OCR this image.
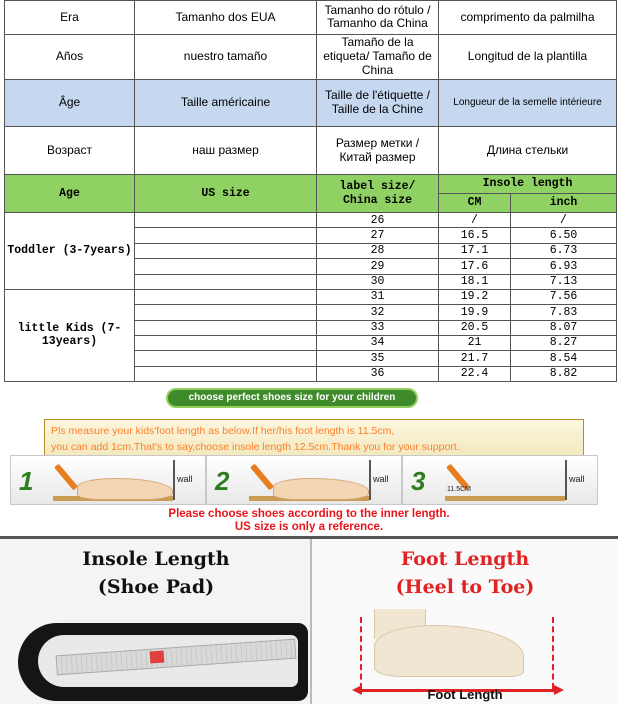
Era	Tamanho dos EUA	Tamanho do rótulo / Tamanho da China	comprimento da palmilha	
Años	nuestro tamaño	Tamaño de la etiqueta/ Tamaño de China	Longitud de la plantilla	
Âge	Taille américaine	Taille de l'étiquette / Taille de la Chine	Longueur de la semelle intérieure	
Возраст	наш размер	Размер метки / Китай размер	Длина стельки	
Age	US size	label size/ China size	Insole length	
			CM	inch
Toddler (3-7years)		26	/	/
		27	16.5	6.50
		28	17.1	6.73
		29	17.6	6.93
		30	18.1	7.13
little Kids (7-13years)		31	19.2	7.56
		32	19.9	7.83
		33	20.5	8.07
		34	21	8.27
		35	21.7	8.54
		36	22.4	8.82
choose perfect shoes size for your children
Pls measure your kids'foot length as below.If her/his foot length is 11.5cm,
you can add 1cm.That's to say,choose insole length 12.5cm.Thank you for your support.
1	wall 2	wall 3	wall
11.5CM
Please choose shoes according to the inner length.
US size is only a reference.
Insole Length
(Shoe Pad)
Foot Length
(Heel to Toe)
Foot Length
